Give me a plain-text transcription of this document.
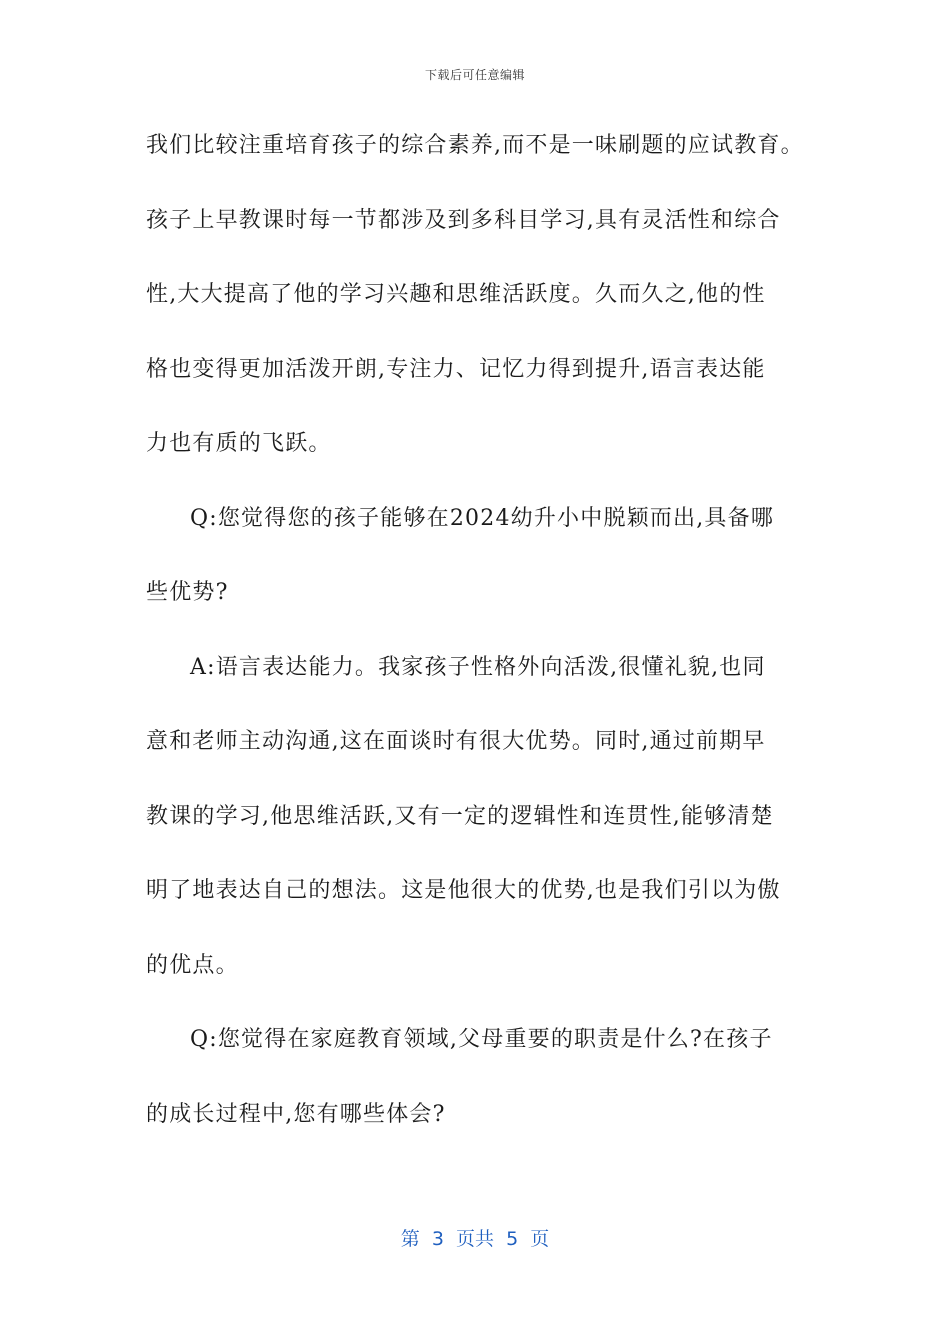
下载后可任意编辑
我们比较注重培育孩子的综合素养,而不是一味刷题的应试教育。
孩子上早教课时每一节都涉及到多科目学习,具有灵活性和综合
性,大大提高了他的学习兴趣和思维活跃度。久而久之,他的性
格也变得更加活泼开朗,专注力、记忆力得到提升,语言表达能
力也有质的飞跃。
Q:您觉得您的孩子能够在2024幼升小中脱颖而出,具备哪
些优势?
A:语言表达能力。我家孩子性格外向活泼,很懂礼貌,也同
意和老师主动沟通,这在面谈时有很大优势。同时,通过前期早
教课的学习,他思维活跃,又有一定的逻辑性和连贯性,能够清楚
明了地表达自己的想法。这是他很大的优势,也是我们引以为傲
的优点。
Q:您觉得在家庭教育领域,父母重要的职责是什么?在孩子
的成长过程中,您有哪些体会?
第  3  页共  5  页
